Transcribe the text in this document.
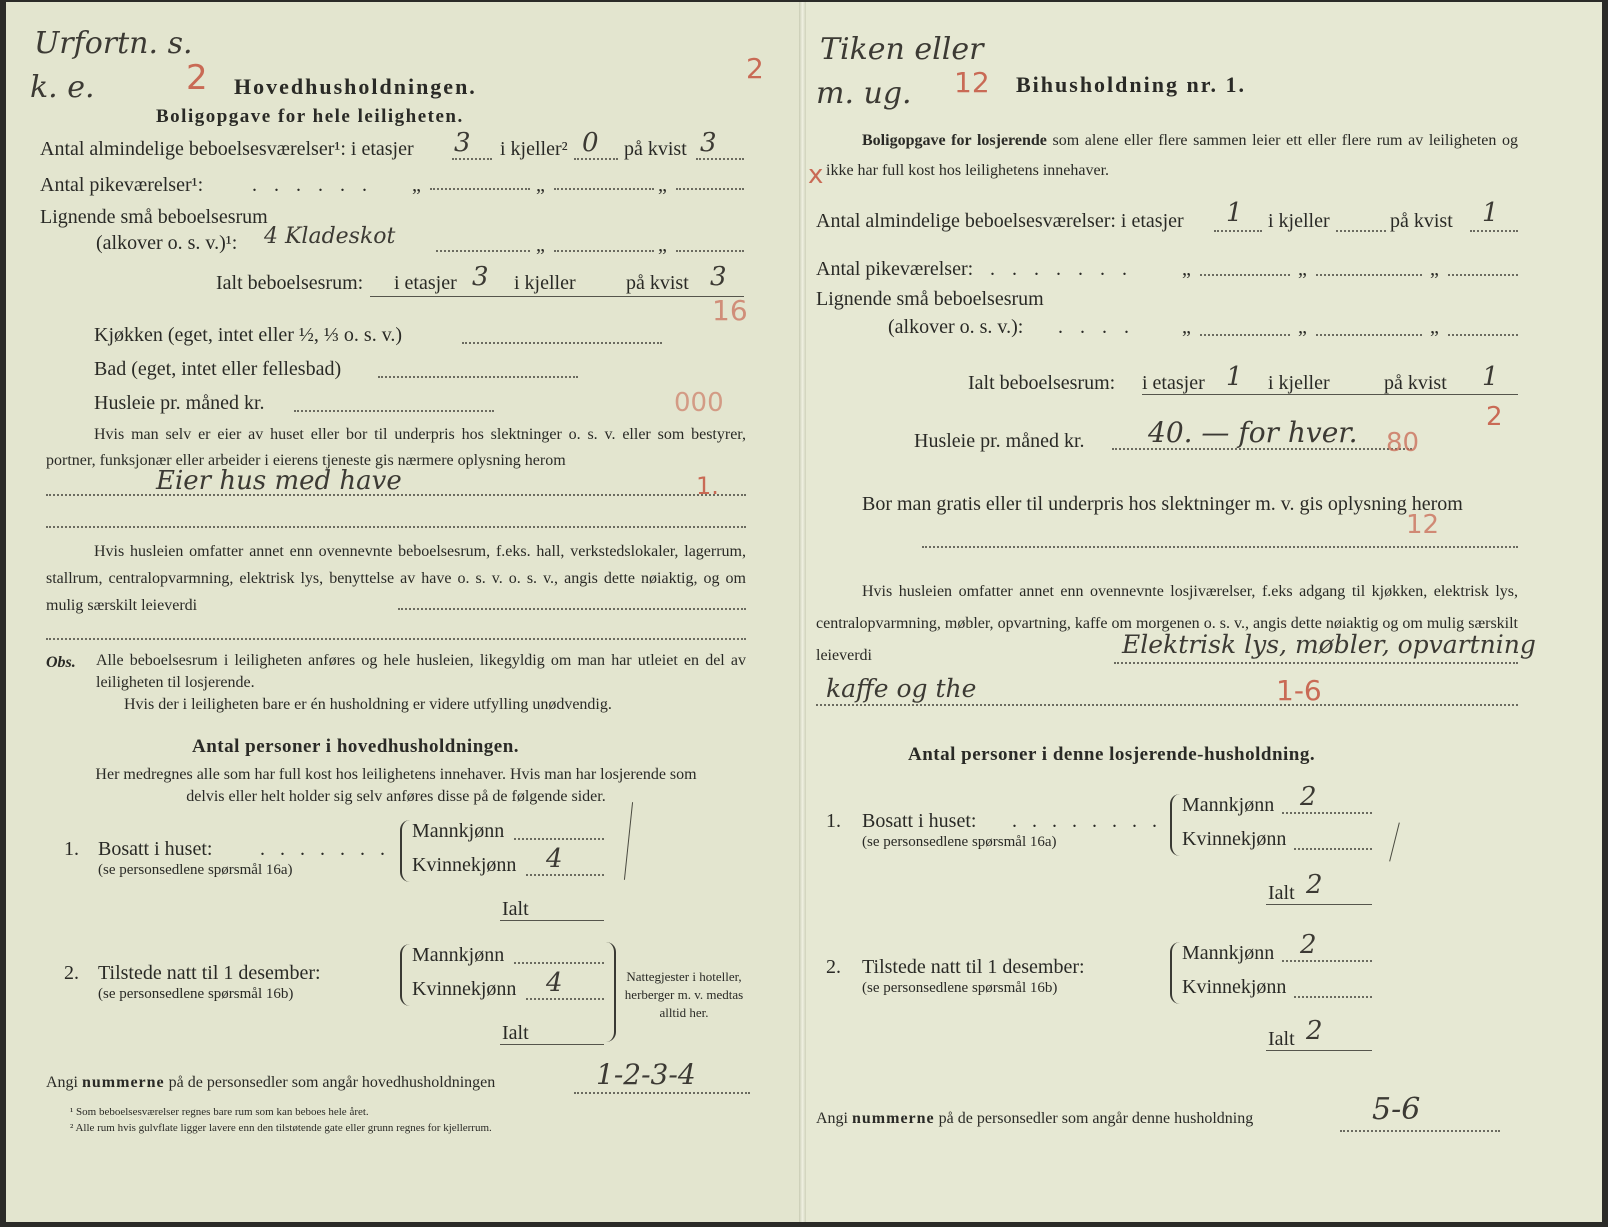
Urfortn. s.
k. e.	2	2
Hovedhusholdningen.
Boligopgave for hele leiligheten.
Antal almindelige beboelsesværelser¹: i etasjer 3 i kjeller² 0 på kvist 3
Antal pikeværelser¹: . . . . . . „	„	„
Lignende små beboelsesrum
(alkover o. s. v.)¹: 4 Kladeskot	„	„
Ialt beboelsesrum: i etasjer 3 i kjeller	på kvist 3
16
Kjøkken (eget, intet eller ½, ⅓ o. s. v.)
Bad (eget, intet eller fellesbad)
Husleie pr. måned kr.	000
Hvis man selv er eier av huset eller bor til underpris hos slektninger o. s. v. eller som bestyrer, portner, funksjonær eller arbeider i eierens tjeneste gis nærmere oplysning herom
Eier hus med have	1.
Hvis husleien omfatter annet enn ovennevnte beboelsesrum, f.eks. hall, verkstedslokaler, lagerrum, stallrum, centralopvarmning, elektrisk lys, benyttelse av have o. s. v. o. s. v., angis dette nøiaktig, og om mulig særskilt leieverdi
Obs. Alle beboelsesrum i leiligheten anføres og hele husleien, likegyldig om man har utleiet en del av leiligheten til losjerende.
Hvis der i leiligheten bare er én husholdning er videre utfylling unødvendig.
Antal personer i hovedhusholdningen.
Her medregnes alle som har full kost hos leilighetens innehaver. Hvis man har losjerende som delvis eller helt holder sig selv anføres disse på de følgende sider.
1. Bosatt i huset: . . . . . . .
(se personsedlene spørsmål 16a)
Mannkjønn
Kvinnekjønn 4
Ialt
2. Tilstede natt til 1 desember:
(se personsedlene spørsmål 16b)
Mannkjønn
Kvinnekjønn 4
Ialt
Nattegjester i hoteller, herberger m. v. medtas alltid her.
Angi nummerne på de personsedler som angår hovedhusholdningen	1-2-3-4
¹ Som beboelsesværelser regnes bare rum som kan beboes hele året.
² Alle rum hvis gulvflate ligger lavere enn den tilstøtende gate eller grunn regnes for kjellerrum.
Tiken eller
m. ug. 12 Bihusholdning nr. 1.
Boligopgave for losjerende som alene eller flere sammen leier ett eller flere rum av leiligheten og ikke har full kost hos leilighetens innehaver.
x
Antal almindelige beboelsesværelser: i etasjer 1 i kjeller	på kvist 1
Antal pikeværelser: . . . . . . . „	„	„
Lignende små beboelsesrum
(alkover o. s. v.): . . . . „	„	„
Ialt beboelsesrum: i etasjer 1 i kjeller	på kvist 1
2
Husleie pr. måned kr. 40. — for hver. 80
Bor man gratis eller til underpris hos slektninger m. v. gis oplysning herom
12
Hvis husleien omfatter annet enn ovennevnte losjiværelser, f.eks adgang til kjøkken, elektrisk lys, centralopvarmning, møbler, opvartning, kaffe om morgenen o. s. v., angis dette nøiaktig og om mulig særskilt leieverdi	Elektrisk lys, møbler, opvartning
kaffe og the	1-6
Antal personer i denne losjerende-husholdning.
1. Bosatt i huset: . . . . . . . .
(se personsedlene spørsmål 16a)
Mannkjønn 2
Kvinnekjønn
Ialt 2
2. Tilstede natt til 1 desember:
(se personsedlene spørsmål 16b)
Mannkjønn 2
Kvinnekjønn
Ialt 2
Angi nummerne på de personsedler som angår denne husholdning	5-6
